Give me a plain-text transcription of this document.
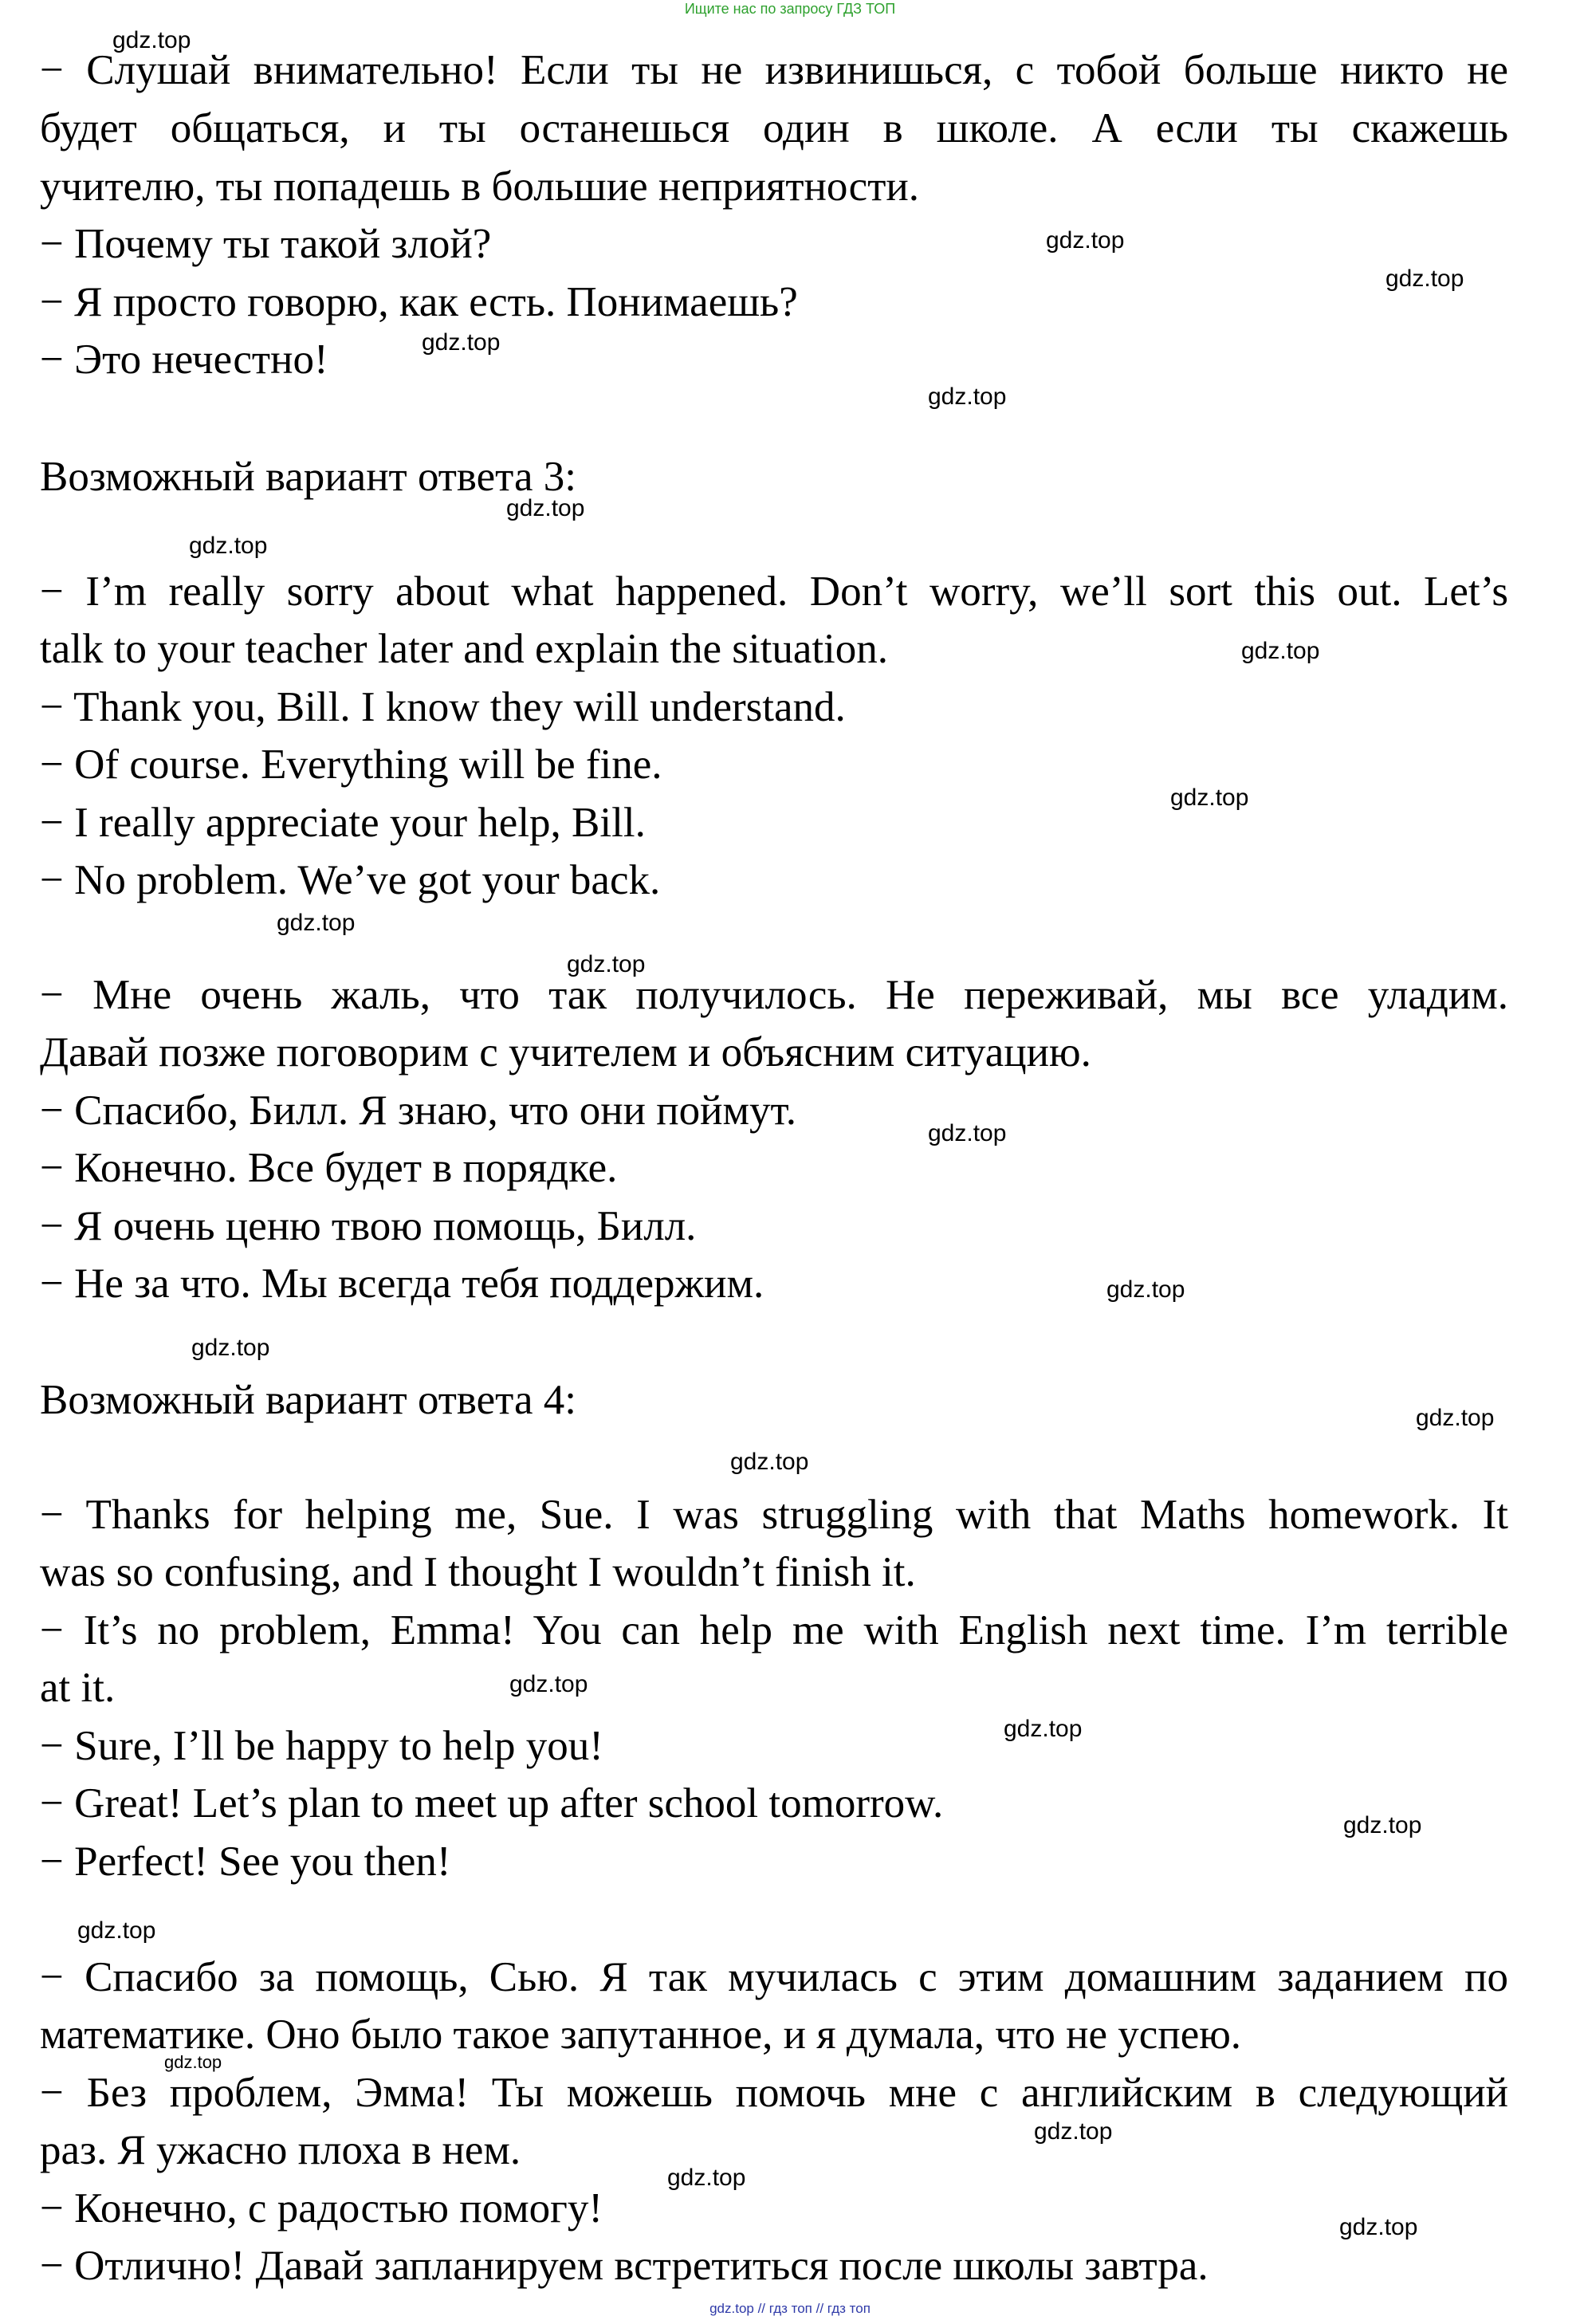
Ищите нас по запросу ГДЗ ТОП
− Слушай внимательно! Если ты не извинишься, с тобой больше никто не
будет общаться, и ты останешься один в школе. А если ты скажешь
учителю, ты попадешь в большие неприятности.
− Почему ты такой злой?
− Я просто говорю, как есть. Понимаешь?
− Это нечестно!
Возможный вариант ответа 3:
− I’m really sorry about what happened. Don’t worry, we’ll sort this out. Let’s
talk to your teacher later and explain the situation.
− Thank you, Bill. I know they will understand.
− Of course. Everything will be fine.
− I really appreciate your help, Bill.
− No problem. We’ve got your back.
− Мне очень жаль, что так получилось. Не переживай, мы все уладим.
Давай позже поговорим с учителем и объясним ситуацию.
− Спасибо, Билл. Я знаю, что они поймут.
− Конечно. Все будет в порядке.
− Я очень ценю твою помощь, Билл.
− Не за что. Мы всегда тебя поддержим.
Возможный вариант ответа 4:
− Thanks for helping me, Sue. I was struggling with that Maths homework. It
was so confusing, and I thought I wouldn’t finish it.
− It’s no problem, Emma! You can help me with English next time. I’m terrible
at it.
− Sure, I’ll be happy to help you!
− Great! Let’s plan to meet up after school tomorrow.
− Perfect! See you then!
− Спасибо за помощь, Сью. Я так мучилась с этим домашним заданием по
математике. Оно было такое запутанное, и я думала, что не успею.
− Без проблем, Эмма! Ты можешь помочь мне с английским в следующий
раз. Я ужасно плоха в нем.
− Конечно, с радостью помогу!
− Отлично! Давай запланируем встретиться после школы завтра.
gdz.top
gdz.top
gdz.top
gdz.top
gdz.top
gdz.top
gdz.top
gdz.top
gdz.top
gdz.top
gdz.top
gdz.top
gdz.top
gdz.top
gdz.top
gdz.top
gdz.top
gdz.top
gdz.top
gdz.top
gdz.top
gdz.top
gdz.top
gdz.top
gdz.top // гдз топ // гдз топ
